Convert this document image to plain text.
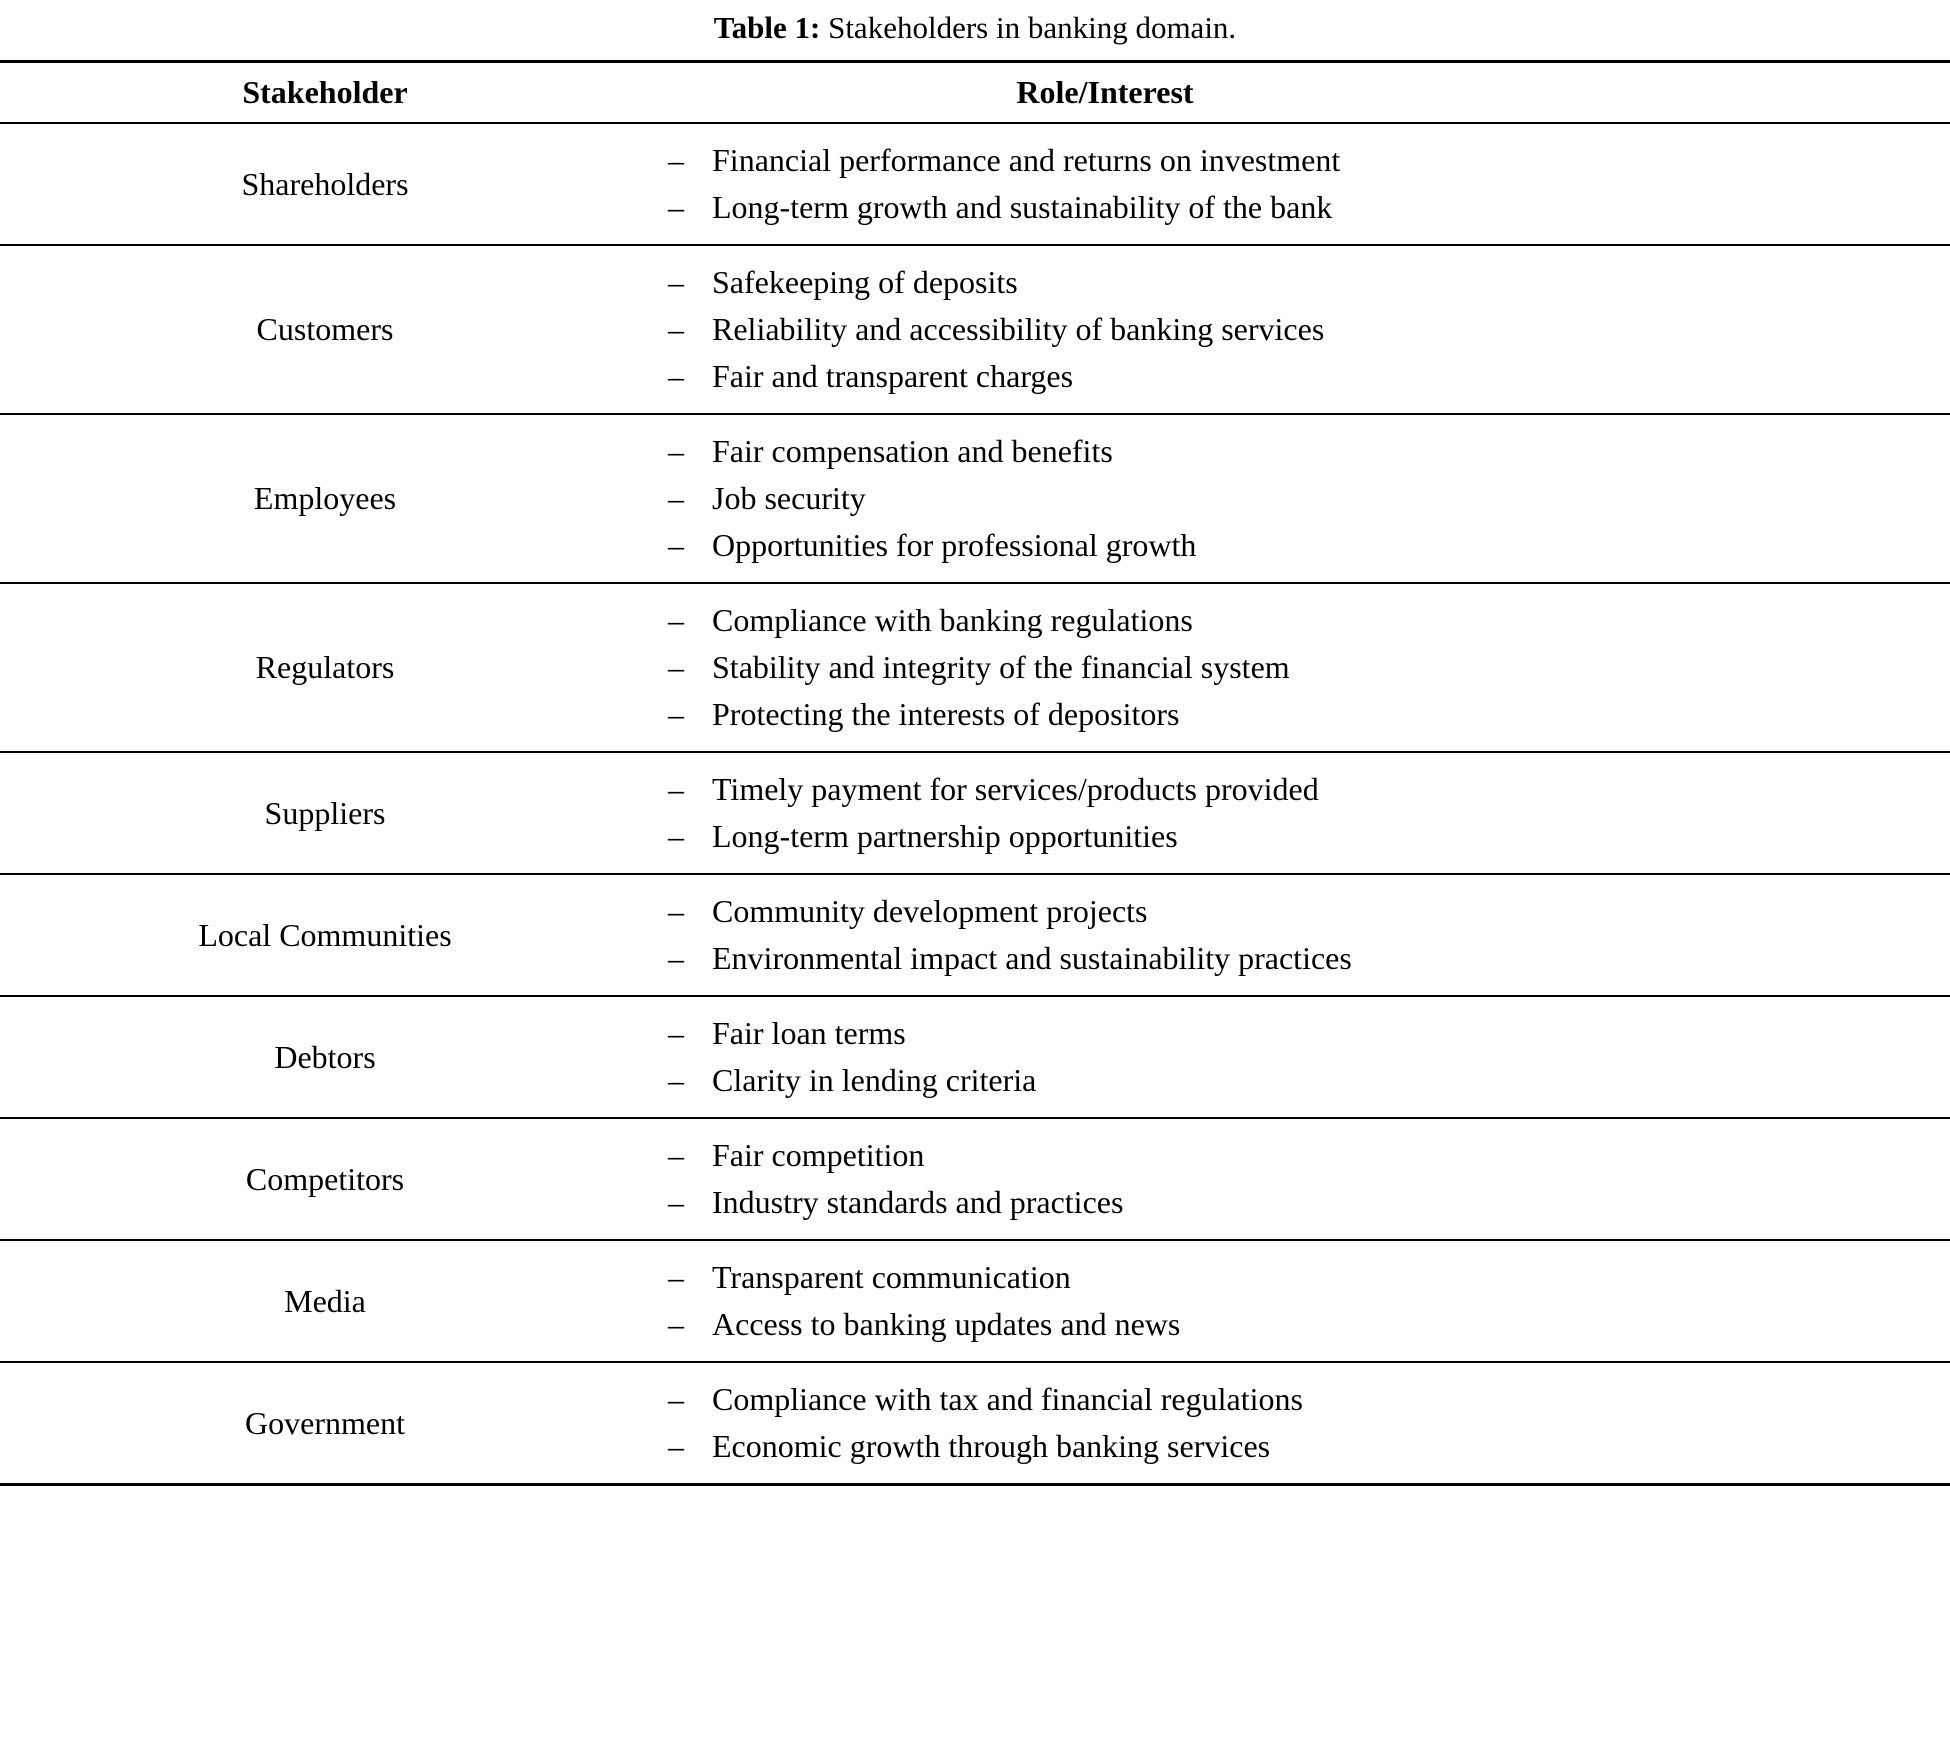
Table 1: Stakeholders in banking domain.
Stakeholder	Role/Interest
Shareholders
– Financial performance and returns on investment
– Long-term growth and sustainability of the bank
Customers
– Safekeeping of deposits
– Reliability and accessibility of banking services
– Fair and transparent charges
Employees
– Fair compensation and benefits
– Job security
– Opportunities for professional growth
Regulators
– Compliance with banking regulations
– Stability and integrity of the financial system
– Protecting the interests of depositors
Suppliers
– Timely payment for services/products provided
– Long-term partnership opportunities
Local Communities
– Community development projects
– Environmental impact and sustainability practices
Debtors
– Fair loan terms
– Clarity in lending criteria
Competitors
– Fair competition
– Industry standards and practices
Media
– Transparent communication
– Access to banking updates and news
Government
– Compliance with tax and financial regulations
– Economic growth through banking services
